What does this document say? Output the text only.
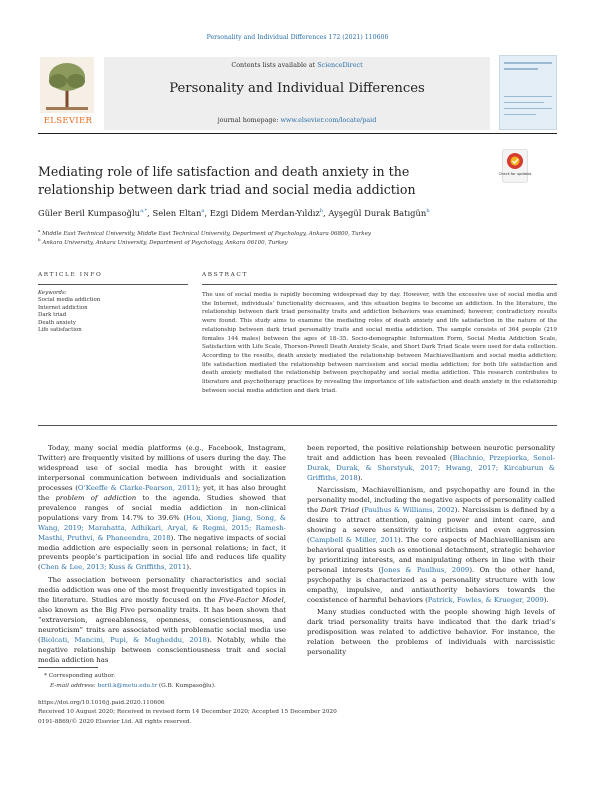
Personality and Individual Differences 172 (2021) 110606
ELSEVIER
Contents lists available at ScienceDirect
Personality and Individual Differences
journal homepage: www.elsevier.com/locate/paid
Mediating role of life satisfaction and death anxiety in the relationship between dark triad and social media addiction
Check for updates
Güler Beril Kumpasoğlu$^{a,*}$, Selen Eltan$^a$, Ezgi Didem Merdan-Yıldız$^b$, Ayşegül Durak Batıgün$^b$
$^a$ Middle East Technical University, Middle East Technical University, Department of Psychology, Ankara 06800, Turkey
$^b$ Ankara University, Ankara University, Department of Psychology, Ankara 06100, Turkey
ARTICLE INFO	ABSTRACT
Keywords:
Social media addiction
Internet addiction
Dark triad
Death anxiety
Life satisfaction
The use of social media is rapidly becoming widespread day by day. However, with the excessive use of social media and the Internet, individuals’ functionality decreases, and this situation begins to become an addiction. In the literature, the relationship between dark triad personality traits and addiction behaviors was examined; however, contradictory results were found. This study aims to examine the mediating roles of death anxiety and life satisfaction in the nature of the relationship between dark triad personality traits and social media addiction. The sample consists of 364 people (219 females 144 males) between the ages of 18–35. Socio-demographic Information Form, Social Media Addiction Scale, Satisfaction with Life Scale, Thorson-Powell Death Anxiety Scale, and Short Dark Triad Scale were used for data collection. According to the results, death anxiety mediated the relationship between Machiavellianism and social media addiction; life satisfaction mediated the relationship between narcissism and social media addiction; for both life satisfaction and death anxiety mediated the relationship between psychopathy and social media addiction. This research contributes to literature and psychotherapy practices by revealing the importance of life satisfaction and death anxiety in the relationship between social media addiction and dark triad.

Today, many social media platforms (e.g., Facebook, Instagram, Twitter) are frequently visited by millions of users during the day. The widespread use of social media has brought with it easier interpersonal communication between individuals and socialization processes (O’Keeffe & Clarke-Pearson, 2011); yet, it has also brought the problem of addiction to the agenda. Studies showed that prevalence ranges of social media addiction in non-clinical populations vary from 14.7% to 39.6% (Hou, Xiong, Jiang, Song, & Wang, 2019; Marahatta, Adhikari, Aryal, & Regmi, 2015; Ramesh-Masthi, Pruthvi, & Phaneendra, 2018). The negative impacts of social media addiction are especially seen in personal relations; in fact, it prevents people’s participation in social life and reduces life quality (Chen & Lee, 2013; Kuss & Griffiths, 2011).

The association between personality characteristics and social media addiction was one of the most frequently investigated topics in the literature. Studies are mostly focused on the Five-Factor Model, also known as the Big Five personality traits. It has been shown that “extraversion, agreeableness, openness, conscientiousness, and neuroticism” traits are associated with problematic social media use (Biolcati, Mancini, Pupi, & Mugheddu, 2018). Notably, while the negative relationship between conscientiousness trait and social media addiction has

been reported, the positive relationship between neurotic personality trait and addiction has been revealed (Błachnio, Przepiorka, Senol-Durak, Durak, & Sherstyuk, 2017; Hwang, 2017; Kircaburun & Griffiths, 2018).

Narcissism, Machiavellianism, and psychopathy are found in the personality model, including the negative aspects of personality called the Dark Triad (Paulhus & Williams, 2002). Narcissism is defined by a desire to attract attention, gaining power and intent care, and showing a severe sensitivity to criticism and even aggression (Campbell & Miller, 2011). The core aspects of Machiavellianism are behavioral qualities such as emotional detachment, strategic behavior by prioritizing interests, and manipulating others in line with their personal interests (Jones & Paulhus, 2009). On the other hand, psychopathy is characterized as a personality structure with low empathy, impulsive, and antiauthority behaviors towards the coexistence of harmful behaviors (Patrick, Fowles, & Krueger, 2009).

Many studies conducted with the people showing high levels of dark triad personality traits have indicated that the dark triad’s predisposition was related to addictive behavior. For instance, the relation between the problems of individuals with narcissistic personality

* Corresponding author.
E-mail address: beril.k@metu.edu.tr (G.B. Kumpasoğlu).
https://doi.org/10.1016/j.paid.2020.110606
Received 10 August 2020; Received in revised form 14 December 2020; Accepted 15 December 2020
0191-8869/© 2020 Elsevier Ltd. All rights reserved.
